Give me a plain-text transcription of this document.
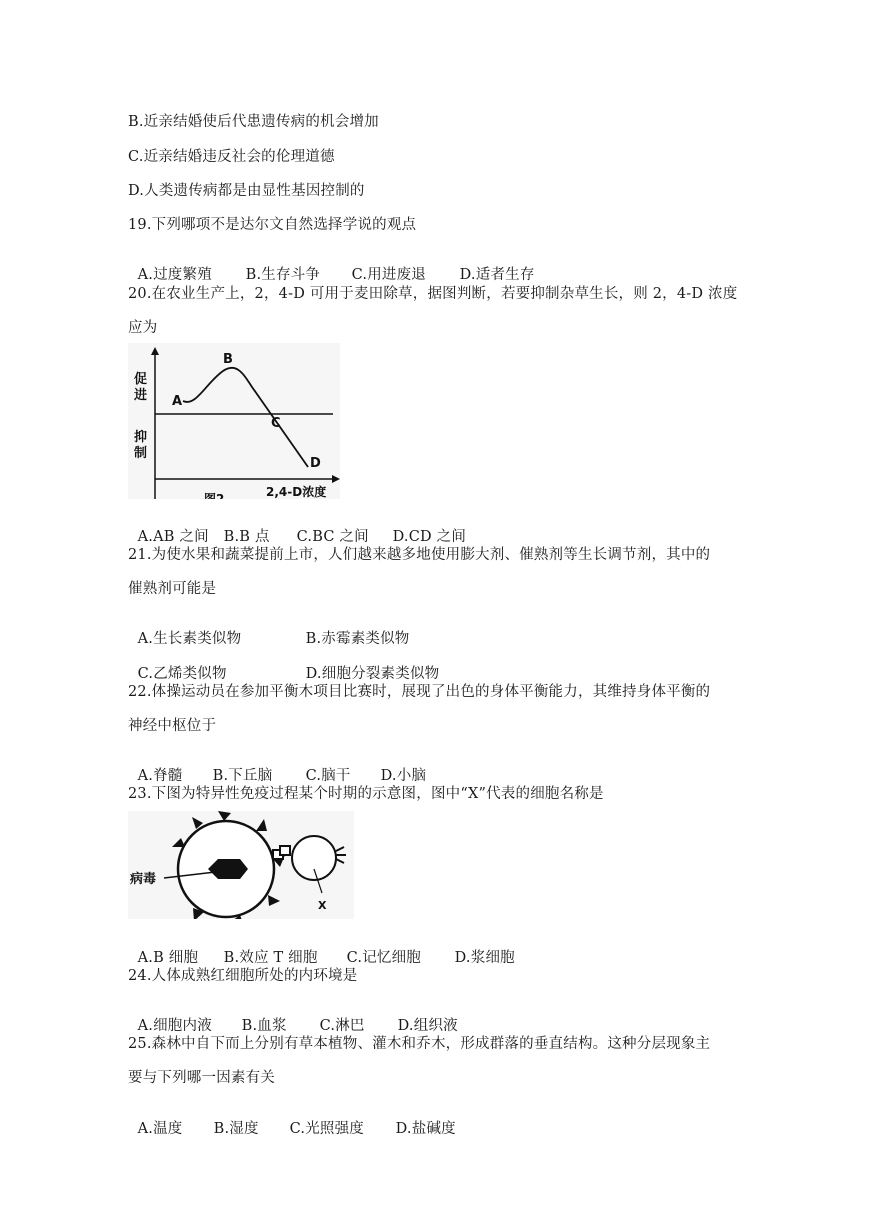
B.近亲结婚使后代患遗传病的机会增加
C.近亲结婚违反社会的伦理道德
D.人类遗传病都是由显性基因控制的
19.下列哪项不是达尔文自然选择学说的观点

A.过度繁殖 B.生存斗争 C.用进废退 D.适者生存

20.在农业生产上，2，4-D 可用于麦田除草，据图判断，若要抑制杂草生长，则 2，4-D 浓度
应为
促
进
抑
制
A
B
C
D
2,4-D浓度
图2

A.AB 之间 B.B 点 C.BC 之间 D.CD 之间

21.为使水果和蔬菜提前上市，人们越来越多地使用膨大剂、催熟剂等生长调节剂，其中的
催熟剂可能是

A.生长素类似物	B.赤霉素类似物

C.乙烯类似物	D.细胞分裂素类似物

22.体操运动员在参加平衡木项目比赛时，展现了出色的身体平衡能力，其维持身体平衡的
神经中枢位于

A.脊髓 B.下丘脑 C.脑干 D.小脑

23.下图为特异性免疫过程某个时期的示意图，图中“X”代表的细胞名称是
病毒
X

A.B 细胞 B.效应 T 细胞 C.记忆细胞 D.浆细胞

24.人体成熟红细胞所处的内环境是

A.细胞内液 B.血浆 C.淋巴 D.组织液

25.森林中自下而上分别有草本植物、灌木和乔木，形成群落的垂直结构。这种分层现象主
要与下列哪一因素有关

A.温度 B.湿度 C.光照强度 D.盐碱度
